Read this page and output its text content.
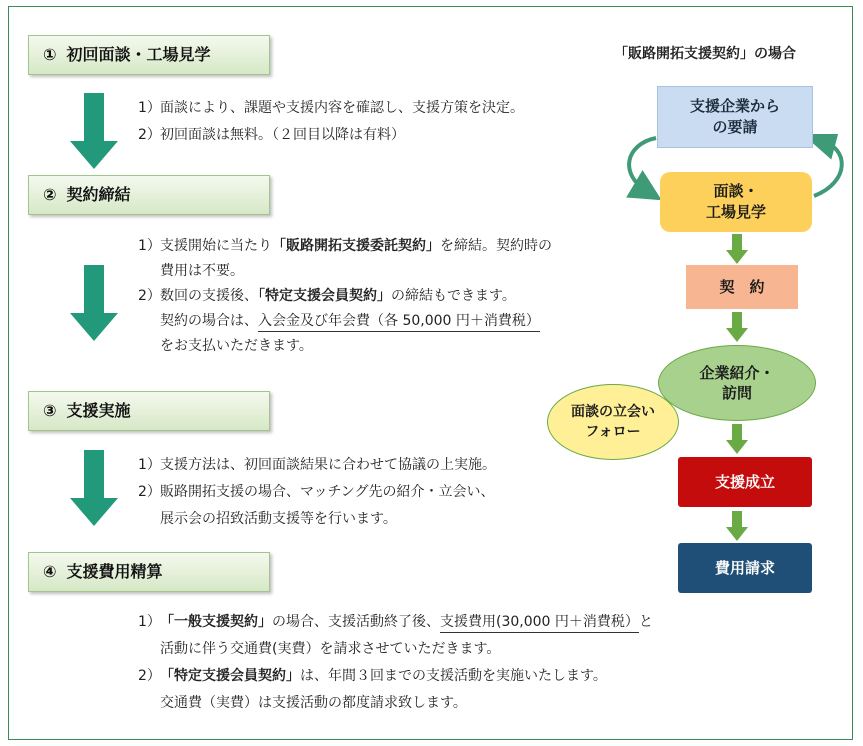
① 初回面談・工場見学
1）面談により、課題や支援内容を確認し、支援方策を決定。
2）初回面談は無料。（２回目以降は有料）
② 契約締結
1）支援開始に当たり「販路開拓支援委託契約」を締結。契約時の
費用は不要。
2）数回の支援後、「特定支援会員契約」の締結もできます。
契約の場合は、入会金及び年会費（各 50,000 円＋消費税）
をお支払いただきます。
③ 支援実施
1）支援方法は、初回面談結果に合わせて協議の上実施。
2）販路開拓支援の場合、マッチング先の紹介・立会い、
展示会の招致活動支援等を行います。
④ 支援費用精算
1）「一般支援契約」の場合、支援活動終了後、支援費用(30,000 円＋消費税）と
活動に伴う交通費(実費）を請求させていただきます。
2）「特定支援会員契約」は、年間３回までの支援活動を実施いたします。
交通費（実費）は支援活動の都度請求致します。
「販路開拓支援契約」の場合
支援企業から
の要請
面談・
工場見学
契　約
面談の立会い
フォロー
企業紹介・
訪問
支援成立
費用請求
